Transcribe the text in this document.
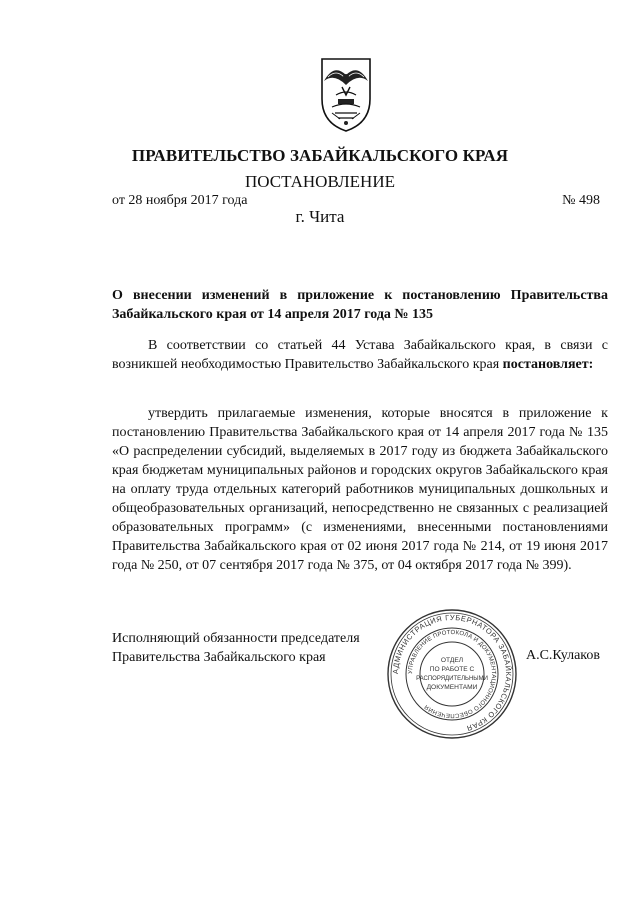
ПРАВИТЕЛЬСТВО ЗАБАЙКАЛЬСКОГО КРАЯ
ПОСТАНОВЛЕНИЕ
от 28 ноября 2017 года	№ 498
г. Чита
О внесении изменений в приложение к постановлению Правительства Забайкальского края от 14 апреля 2017 года № 135
В соответствии со статьей 44 Устава Забайкальского края, в связи с возникшей необходимостью Правительство Забайкальского края постановляет:
утвердить прилагаемые изменения, которые вносятся в приложение к постановлению Правительства Забайкальского края от 14 апреля 2017 года № 135 «О распределении субсидий, выделяемых в 2017 году из бюджета Забайкальского края бюджетам муниципальных районов и городских округов Забайкальского края на оплату труда отдельных категорий работников муниципальных дошкольных и общеобразовательных организаций, непосредственно не связанных с реализацией образовательных программ» (с изменениями, внесенными постановлениями Правительства Забайкальского края от 02 июня 2017 года № 214, от 19 июня 2017 года № 250, от 07 сентября 2017 года № 375, от 04 октября 2017 года № 399).
Исполняющий обязанности председателя
Правительства Забайкальского края
АДМИНИСТРАЦИЯ ГУБЕРНАТОРА ЗАБАЙКАЛЬСКОГО КРАЯ
УПРАВЛЕНИЕ ПРОТОКОЛА И ДОКУМЕНТАЦИОННОГО ОБЕСПЕЧЕНИЯ
ОТДЕЛ
ПО РАБОТЕ С
РАСПОРЯДИТЕЛЬНЫМИ
ДОКУМЕНТАМИ
А.С.Кулаков
